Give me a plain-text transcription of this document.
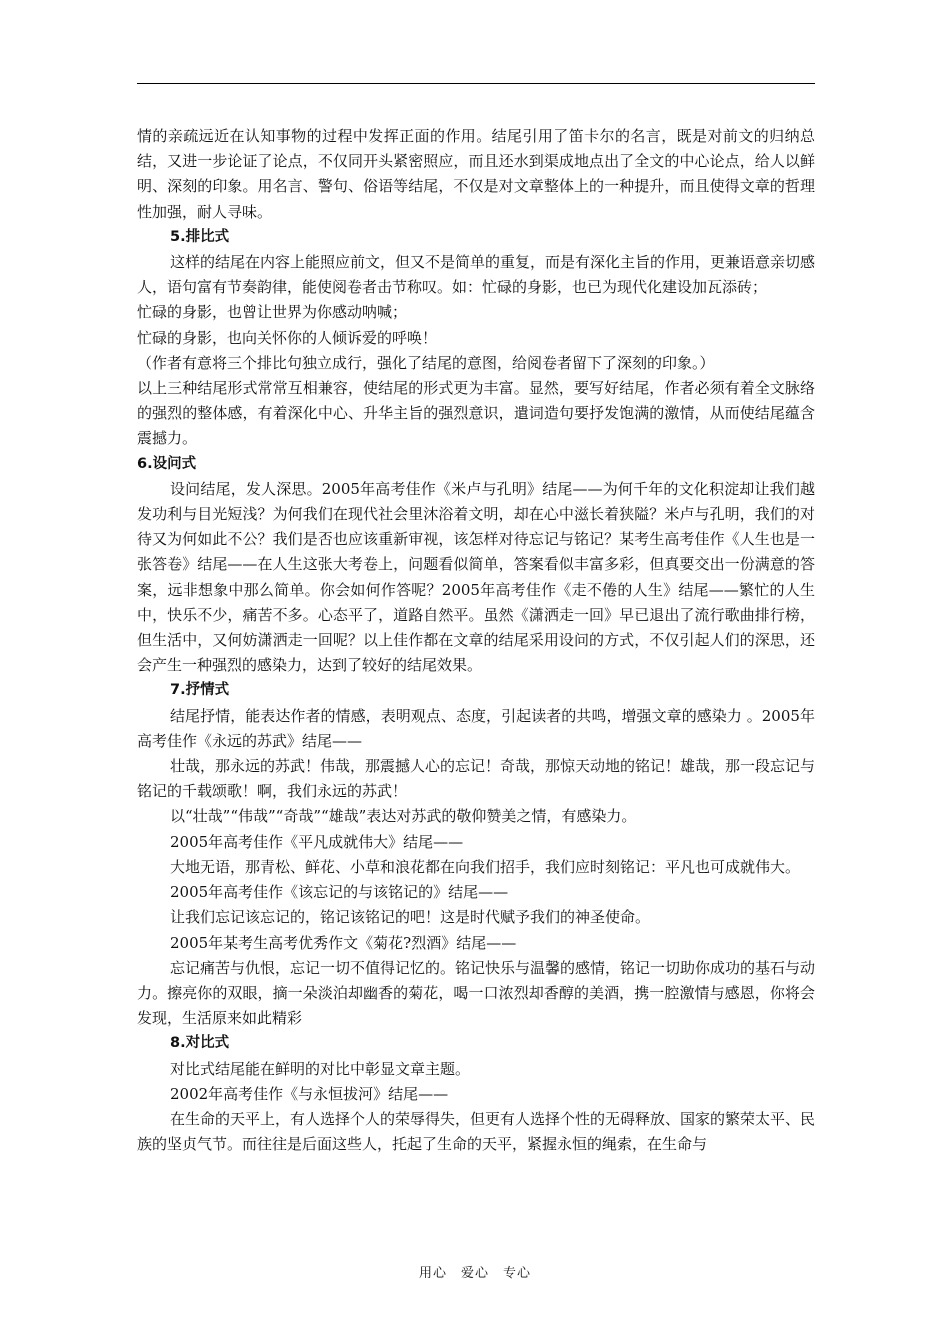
情的亲疏远近在认知事物的过程中发挥正面的作用。结尾引用了笛卡尔的名言，既是对前文的归纳总结，又进一步论证了论点，不仅同开头紧密照应，而且还水到渠成地点出了全文的中心论点，给人以鲜明、深刻的印象。用名言、警句、俗语等结尾，不仅是对文章整体上的一种提升，而且使得文章的哲理性加强，耐人寻味。

5.排比式

这样的结尾在内容上能照应前文，但又不是简单的重复，而是有深化主旨的作用，更兼语意亲切感人，语句富有节奏韵律，能使阅卷者击节称叹。如：忙碌的身影，也已为现代化建设加瓦添砖；

忙碌的身影，也曾让世界为你感动呐喊；

忙碌的身影，也向关怀你的人倾诉爱的呼唤！

（作者有意将三个排比句独立成行，强化了结尾的意图，给阅卷者留下了深刻的印象。）

以上三种结尾形式常常互相兼容，使结尾的形式更为丰富。显然，要写好结尾，作者必须有着全文脉络的强烈的整体感，有着深化中心、升华主旨的强烈意识，遣词造句要抒发饱满的激情，从而使结尾蕴含震撼力。

6.设问式

设问结尾，发人深思。2005年高考佳作《米卢与孔明》结尾——为何千年的文化积淀却让我们越发功利与目光短浅？为何我们在现代社会里沐浴着文明，却在心中滋长着狭隘？米卢与孔明，我们的对待又为何如此不公？我们是否也应该重新审视，该怎样对待忘记与铭记？某考生高考佳作《人生也是一张答卷》结尾——在人生这张大考卷上，问题看似简单，答案看似丰富多彩，但真要交出一份满意的答案，远非想象中那么简单。你会如何作答呢？2005年高考佳作《走不倦的人生》结尾——繁忙的人生中，快乐不少，痛苦不多。心态平了，道路自然平。虽然《潇洒走一回》早已退出了流行歌曲排行榜，但生活中，又何妨潇洒走一回呢？以上佳作都在文章的结尾采用设问的方式，不仅引起人们的深思，还会产生一种强烈的感染力，达到了较好的结尾效果。

7.抒情式

结尾抒情，能表达作者的情感，表明观点、态度，引起读者的共鸣，增强文章的感染力 。2005年高考佳作《永远的苏武》结尾——

壮哉，那永远的苏武！伟哉，那震撼人心的忘记！奇哉，那惊天动地的铭记！雄哉，那一段忘记与铭记的千载颂歌！啊，我们永远的苏武！

以“壮哉”“伟哉”“奇哉”“雄哉”表达对苏武的敬仰赞美之情，有感染力。

2005年高考佳作《平凡成就伟大》结尾——

大地无语，那青松、鲜花、小草和浪花都在向我们招手，我们应时刻铭记：平凡也可成就伟大。

2005年高考佳作《该忘记的与该铭记的》结尾——

让我们忘记该忘记的，铭记该铭记的吧！这是时代赋予我们的神圣使命。

2005年某考生高考优秀作文《菊花?烈酒》结尾——

忘记痛苦与仇恨，忘记一切不值得记忆的。铭记快乐与温馨的感情，铭记一切助你成功的基石与动力。擦亮你的双眼，摘一朵淡泊却幽香的菊花，喝一口浓烈却香醇的美酒，携一腔激情与感恩，你将会发现，生活原来如此精彩

8.对比式

对比式结尾能在鲜明的对比中彰显文章主题。

2002年高考佳作《与永恒拔河》结尾——

在生命的天平上，有人选择个人的荣辱得失，但更有人选择个性的无碍释放、国家的繁荣太平、民族的坚贞气节。而往往是后面这些人，托起了生命的天平，紧握永恒的绳索，在生命与

用心　爱心　专心
